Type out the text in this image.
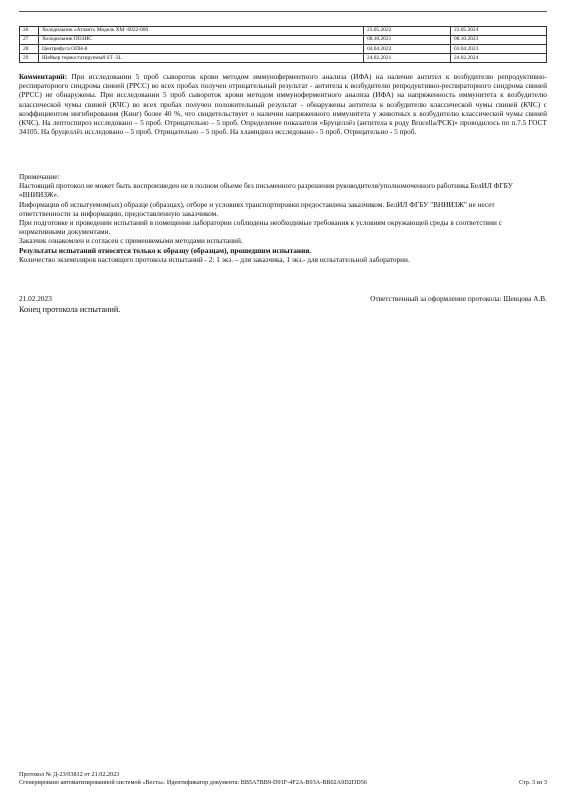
26	Холодильник «Атлант» Модель ХМ -6022-000	23.05.2022	23.05.2024
27	Холодильник ПОЗИС	08.10.2021	08.10.2023
28	Центрифуга ОПН-8	04.04.2022	03.04.2023
29	Шейкер термостатируемый ST -3L	24.02.2021	24.02.2024
Комментарий: При исследовании 5 проб сывороток крови методом иммуноферментного анализа (ИФА) на наличие антител к возбудителю репродуктивно-респираторного синдрома свиней (РРСС) во всех пробах получен отрицательный результат - антитела к возбудителю репродуктивно-респираторного синдрома свиней (РРСС) не обнаружены. При исследовании 5 проб сывороток крови методом иммуноферментного анализа (ИФА) на напряженность иммунитета к возбудителю классической чумы свиней (КЧС) во всех пробах получен положительный результат - обнаружены антитела к возбудителю классической чумы свиней (КЧС) с коэффициентом ингибирования (Кинг) более 40 %, что свидетельствует о наличии напряженного иммунитета у животных к возбудителю классической чумы свиней (КЧС). На лептоспироз исследовано – 5 проб. Отрицательно – 5 проб. Определение показателя «Бруцеллёз (антитела к роду Brucella/РСК)» проводилось по п.7.5 ГОСТ 34105. На бруцеллёз исследовано – 5 проб. Отрицательно – 5 проб. На хламидиоз исследовано - 5 проб. Отрицательно - 5 проб.

Примечание:

Настоящий протокол не может быть воспроизведен не в полном объеме без письменного разрешения руководителя/уполномоченного работника БелИЛ ФГБУ «ВНИИЗЖ».

Информация об испытуемом(ых) образце (образцах), отборе и условиях транспортировки предоставлена заказчиком. БелИЛ ФГБУ "ВНИИЗЖ" не несет ответственности за информацию, предоставленную заказчиком.

При подготовке и проведении испытаний в помещении лаборатории соблюдены необходимые требования к условиям окружающей среды в соответствии с нормативными документами.

Заказчик ознакомлен и согласен с применяемыми методами испытаний.

Результаты испытаний относятся только к образцу (образцам), прошедшим испытания.

Количество экземпляров настоящего протокола испытаний - 2: 1 экз. – для заказчика, 1 экз.- для испытательной лаборатории.

21.02.2023	Ответственный за оформление протокола: Шевцова А.В.
Конец протокола испытаний.
Протокол № Д-23/03812 от 21.02.2023
Сгенерировано автоматизированной системой «Веста». Идентификатор документа: BB5A7BB9-D91F-4F2A-B93A-BB02A9D2DD56	Стр. 3 из 3
